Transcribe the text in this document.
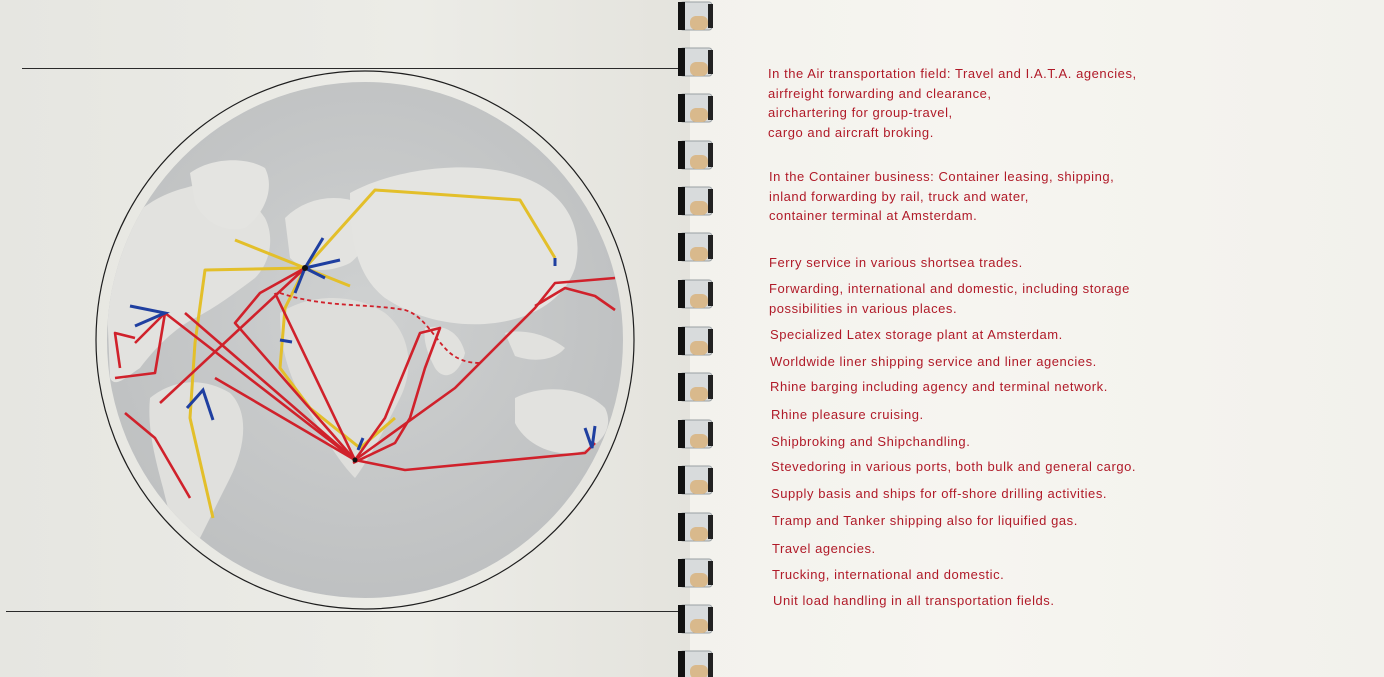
In the Air transportation field: Travel and I.A.T.A. agencies,
airfreight forwarding and clearance,
airchartering for group-travel,
cargo and aircraft broking.
In the Container business: Container leasing, shipping,
inland forwarding by rail, truck and water,
container terminal at Amsterdam.
Ferry service in various shortsea trades.
Forwarding, international and domestic, including storage
possibilities in various places.
Specialized Latex storage plant at Amsterdam.
Worldwide liner shipping service and liner agencies.
Rhine barging including agency and terminal network.
Rhine pleasure cruising.
Shipbroking and Shipchandling.
Stevedoring in various ports, both bulk and general cargo.
Supply basis and ships for off-shore drilling activities.
Tramp and Tanker shipping also for liquified gas.
Travel agencies.
Trucking, international and domestic.
Unit load handling in all transportation fields.
